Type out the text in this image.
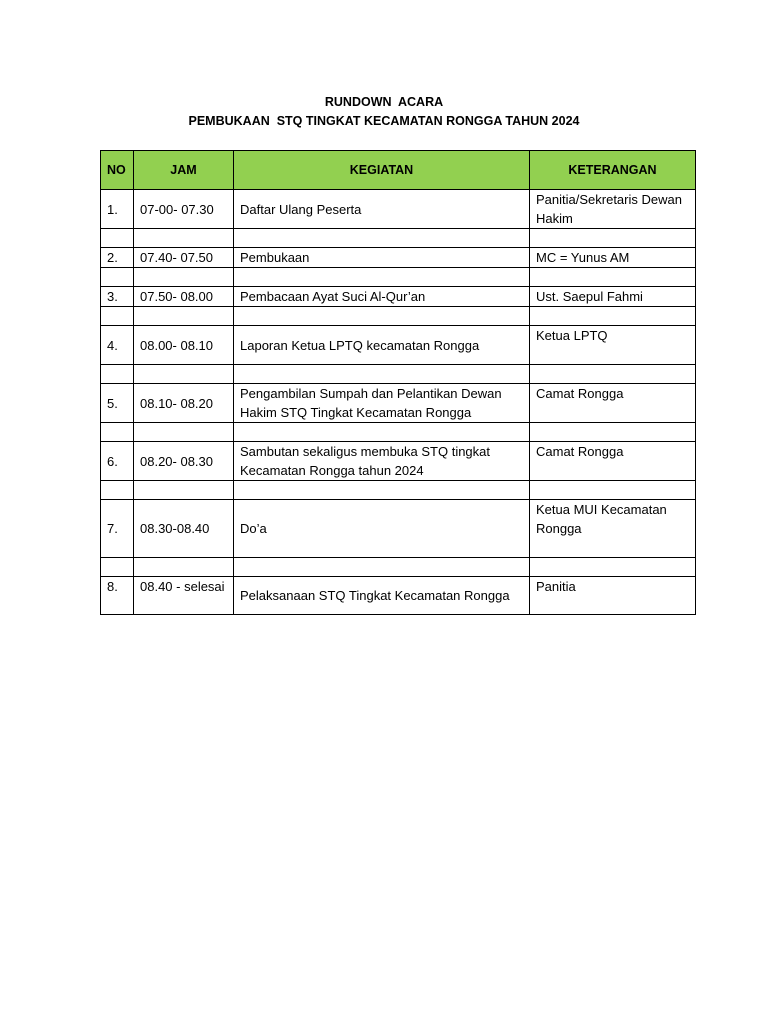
RUNDOWN  ACARA
PEMBUKAAN  STQ TINGKAT KECAMATAN RONGGA TAHUN 2024
NO	JAM	KEGIATAN	KETERANGAN
1.	07-00- 07.30	Daftar Ulang Peserta	Panitia/Sekretaris Dewan Hakim

2.	07.40- 07.50	Pembukaan	MC = Yunus AM

3.	07.50- 08.00	Pembacaan Ayat Suci Al-Qur’an	Ust. Saepul Fahmi

4.	08.00- 08.10	Laporan Ketua LPTQ kecamatan Rongga	Ketua LPTQ

5.	08.10- 08.20	Pengambilan Sumpah dan Pelantikan Dewan Hakim STQ Tingkat Kecamatan Rongga	Camat Rongga

6.	08.20- 08.30	Sambutan sekaligus membuka STQ tingkat Kecamatan Rongga tahun 2024	Camat Rongga

7.	08.30-08.40	Do’a	Ketua MUI Kecamatan Rongga

8.	08.40 - selesai	Pelaksanaan STQ Tingkat Kecamatan Rongga	Panitia
